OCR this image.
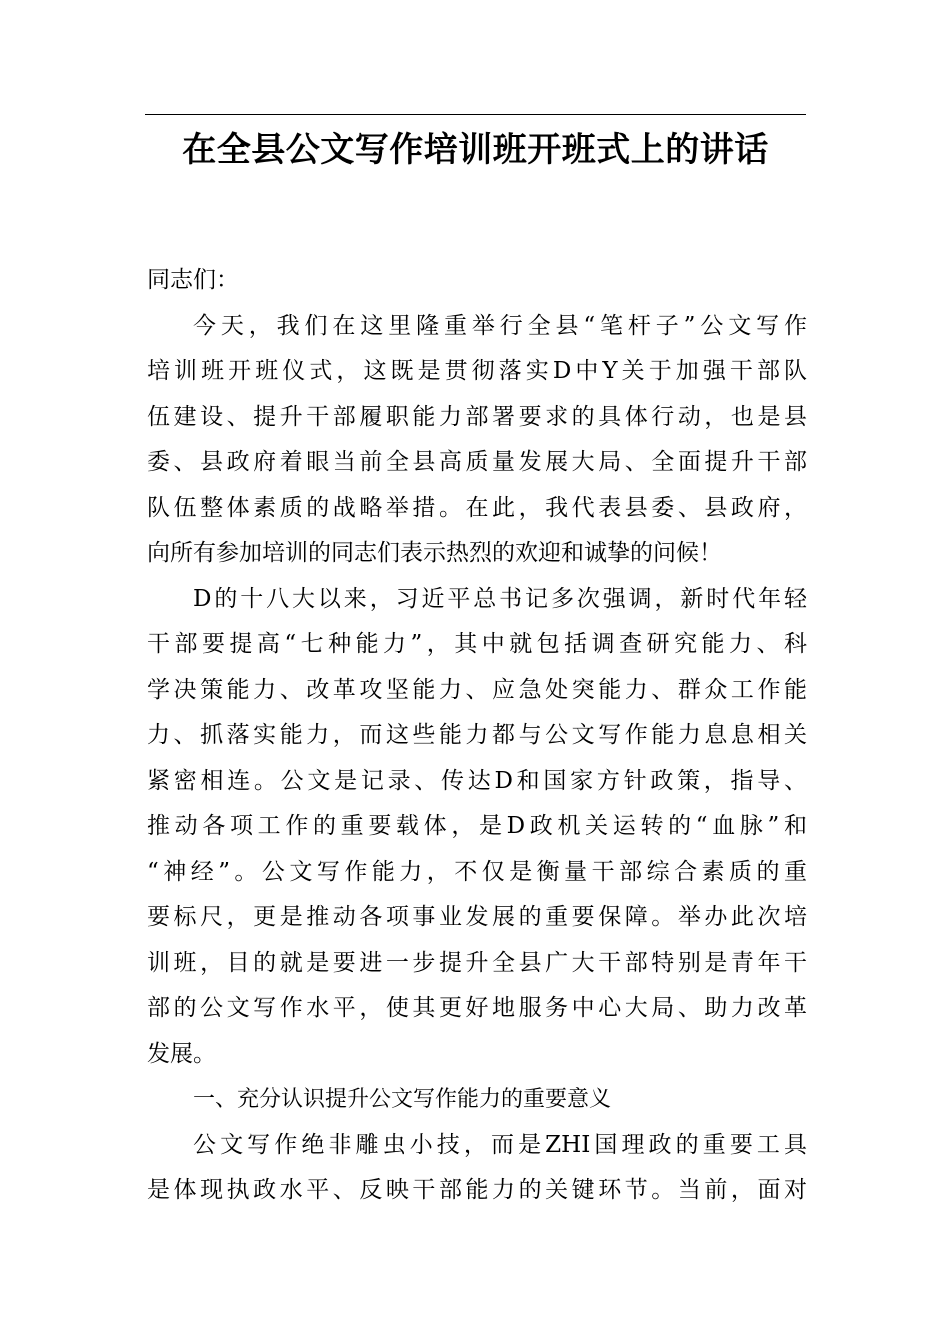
在全县公文写作培训班开班式上的讲话
同志们：
今天，我们在这里隆重举行全县“笔杆子”公文写作
培训班开班仪式，这既是贯彻落实D中Y关于加强干部队
伍建设、提升干部履职能力部署要求的具体行动，也是县
委、县政府着眼当前全县高质量发展大局、全面提升干部
队伍整体素质的战略举措。在此，我代表县委、县政府，
向所有参加培训的同志们表示热烈的欢迎和诚挚的问候！
D的十八大以来，习近平总书记多次强调，新时代年轻
干部要提高“七种能力”，其中就包括调查研究能力、科
学决策能力、改革攻坚能力、应急处突能力、群众工作能
力、抓落实能力，而这些能力都与公文写作能力息息相关
紧密相连。公文是记录、传达D和国家方针政策，指导、
推动各项工作的重要载体，是D政机关运转的“血脉”和
“神经”。公文写作能力，不仅是衡量干部综合素质的重
要标尺，更是推动各项事业发展的重要保障。举办此次培
训班，目的就是要进一步提升全县广大干部特别是青年干
部的公文写作水平，使其更好地服务中心大局、助力改革
发展。
一、充分认识提升公文写作能力的重要意义
公文写作绝非雕虫小技，而是ZHI国理政的重要工具
是体现执政水平、反映干部能力的关键环节。当前，面对
